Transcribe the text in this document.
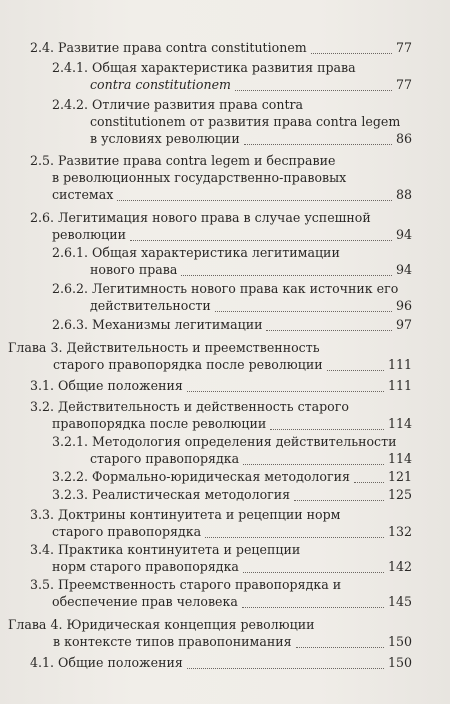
2.4. Развитие права contra constitutionem	77
2.4.1. Общая характеристика развития права
contra constitutionem	77
2.4.2. Отличие развития права contra
constitutionem от развития права contra legem
в условиях революции	86
2.5. Развитие права contra legem и бесправие
в революционных государственно-правовых
системах	88
2.6. Легитимация нового права в случае успешной
революции	94
2.6.1. Общая характеристика легитимации
нового права	94
2.6.2. Легитимность нового права как источник его
действительности	96
2.6.3. Механизмы легитимации	97
Глава 3. Действительность и преемственность
старого правопорядка после революции	111
3.1. Общие положения	111
3.2. Действительность и действенность старого
правопорядка после революции	114
3.2.1. Методология определения действительности
старого правопорядка	114
3.2.2. Формально-юридическая методология	121
3.2.3. Реалистическая методология	125
3.3. Доктрины континуитета и рецепции норм
старого правопорядка	132
3.4. Практика континуитета и рецепции
норм старого правопорядка	142
3.5. Преемственность старого правопорядка и
обеспечение прав человека	145
Глава 4. Юридическая концепция революции
в контексте типов правопонимания	150
4.1. Общие положения	150
